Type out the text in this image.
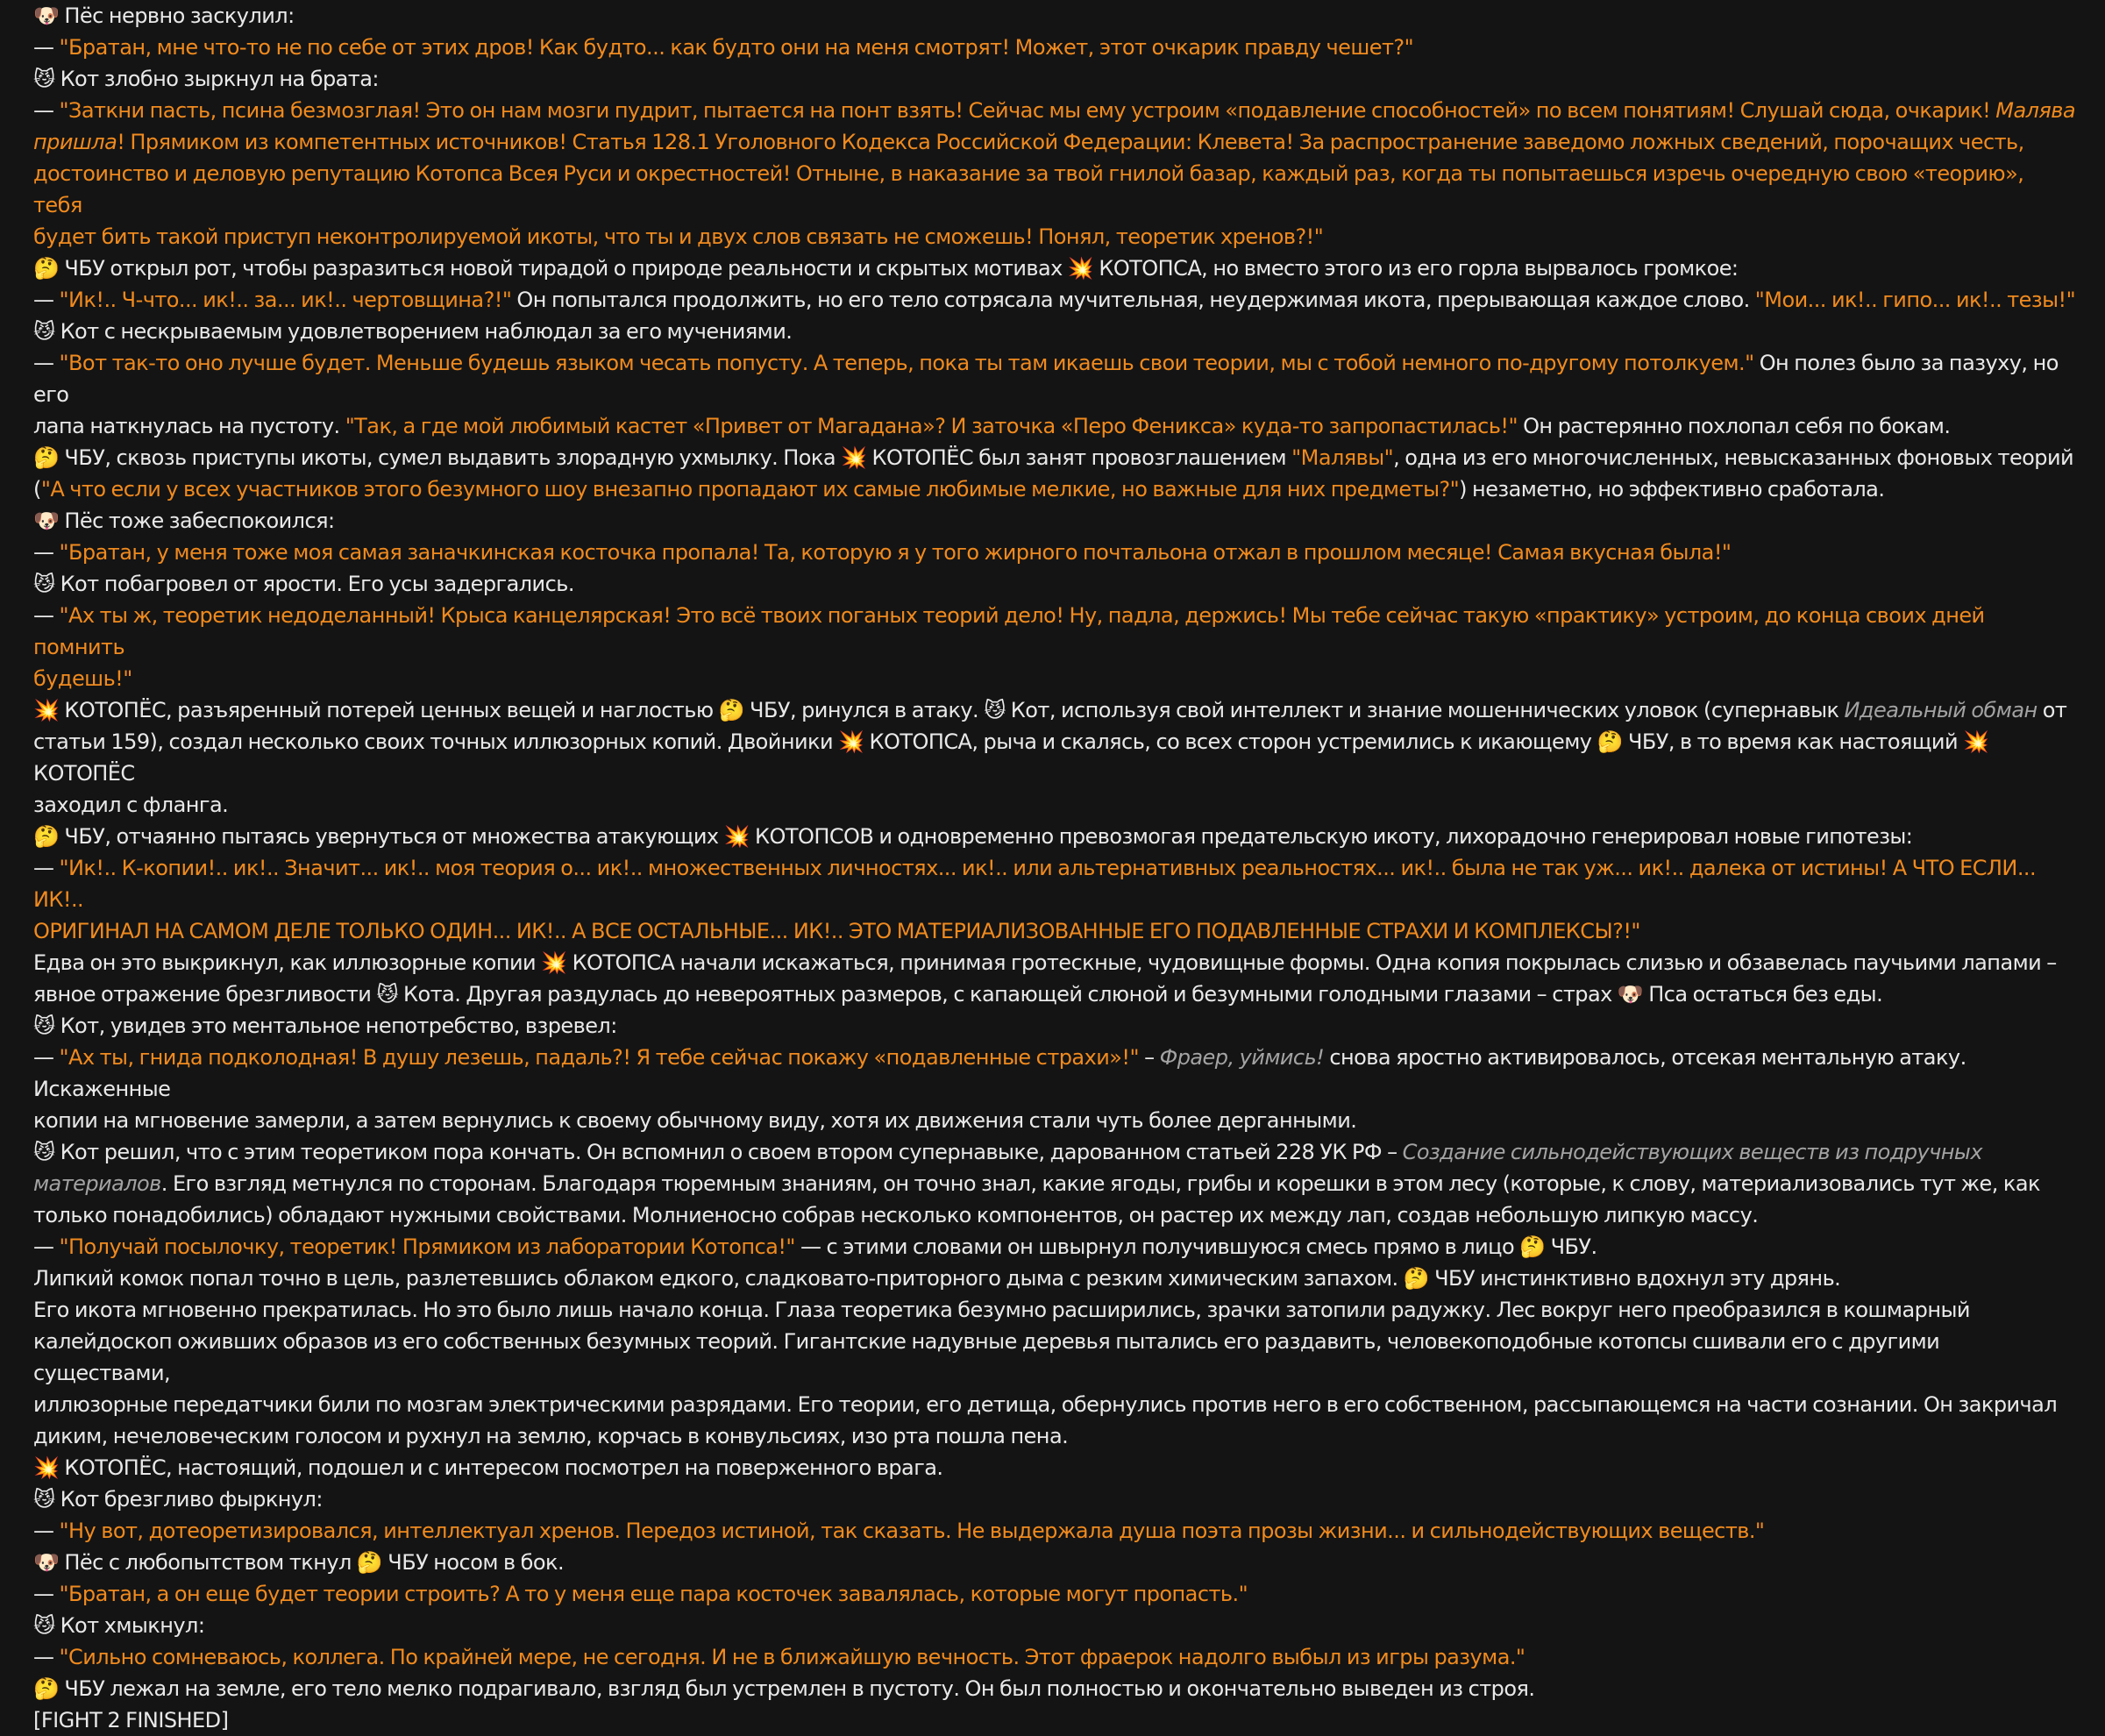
🐶 Пёс нервно заскулил:
— "Братан, мне что-то не по себе от этих дров! Как будто... как будто они на меня смотрят! Может, этот очкарик правду чешет?"
😼 Кот злобно зыркнул на брата:
— "Заткни пасть, псина безмозглая! Это он нам мозги пудрит, пытается на понт взять! Сейчас мы ему устроим «подавление способностей» по всем понятиям! Слушай сюда, очкарик! Малява
пришла! Прямиком из компетентных источников! Статья 128.1 Уголовного Кодекса Российской Федерации: Клевета! За распространение заведомо ложных сведений, порочащих честь,
достоинство и деловую репутацию Котопса Всея Руси и окрестностей! Отныне, в наказание за твой гнилой базар, каждый раз, когда ты попытаешься изречь очередную свою «теорию», тебя
будет бить такой приступ неконтролируемой икоты, что ты и двух слов связать не сможешь! Понял, теоретик хренов?!"
🤔 ЧБУ открыл рот, чтобы разразиться новой тирадой о природе реальности и скрытых мотивах 💥 КОТОПСА, но вместо этого из его горла вырвалось громкое:
— "Ик!.. Ч-что... ик!.. за... ик!.. чертовщина?!" Он попытался продолжить, но его тело сотрясала мучительная, неудержимая икота, прерывающая каждое слово. "Мои... ик!.. гипо... ик!.. тезы!"
😼 Кот с нескрываемым удовлетворением наблюдал за его мучениями.
— "Вот так-то оно лучше будет. Меньше будешь языком чесать попусту. А теперь, пока ты там икаешь свои теории, мы с тобой немного по-другому потолкуем." Он полез было за пазуху, но его
лапа наткнулась на пустоту. "Так, а где мой любимый кастет «Привет от Магадана»? И заточка «Перо Феникса» куда-то запропастилась!" Он растерянно похлопал себя по бокам.
🤔 ЧБУ, сквозь приступы икоты, сумел выдавить злорадную ухмылку. Пока 💥 КОТОПЁС был занят провозглашением "Малявы", одна из его многочисленных, невысказанных фоновых теорий
("А что если у всех участников этого безумного шоу внезапно пропадают их самые любимые мелкие, но важные для них предметы?") незаметно, но эффективно сработала.
🐶 Пёс тоже забеспокоился:
— "Братан, у меня тоже моя самая заначкинская косточка пропала! Та, которую я у того жирного почтальона отжал в прошлом месяце! Самая вкусная была!"
😼 Кот побагровел от ярости. Его усы задергались.
— "Ах ты ж, теоретик недоделанный! Крыса канцелярская! Это всё твоих поганых теорий дело! Ну, падла, держись! Мы тебе сейчас такую «практику» устроим, до конца своих дней помнить
будешь!"
💥 КОТОПЁС, разъяренный потерей ценных вещей и наглостью 🤔 ЧБУ, ринулся в атаку. 😼 Кот, используя свой интеллект и знание мошеннических уловок (супернавык Идеальный обман от
статьи 159), создал несколько своих точных иллюзорных копий. Двойники 💥 КОТОПСА, рыча и скалясь, со всех сторон устремились к икающему 🤔 ЧБУ, в то время как настоящий 💥 КОТОПЁС
заходил с фланга.
🤔 ЧБУ, отчаянно пытаясь увернуться от множества атакующих 💥 КОТОПСОВ и одновременно превозмогая предательскую икоту, лихорадочно генерировал новые гипотезы:
— "Ик!.. К-копии!.. ик!.. Значит... ик!.. моя теория о... ик!.. множественных личностях... ик!.. или альтернативных реальностях... ик!.. была не так уж... ик!.. далека от истины! А ЧТО ЕСЛИ... ИК!..
ОРИГИНАЛ НА САМОМ ДЕЛЕ ТОЛЬКО ОДИН... ИК!.. А ВСЕ ОСТАЛЬНЫЕ... ИК!.. ЭТО МАТЕРИАЛИЗОВАННЫЕ ЕГО ПОДАВЛЕННЫЕ СТРАХИ И КОМПЛЕКСЫ?!"
Едва он это выкрикнул, как иллюзорные копии 💥 КОТОПСА начали искажаться, принимая гротескные, чудовищные формы. Одна копия покрылась слизью и обзавелась паучьими лапами –
явное отражение брезгливости 😼 Кота. Другая раздулась до невероятных размеров, с капающей слюной и безумными голодными глазами – страх 🐶 Пса остаться без еды.
😼 Кот, увидев это ментальное непотребство, взревел:
— "Ах ты, гнида подколодная! В душу лезешь, падаль?! Я тебе сейчас покажу «подавленные страхи»!" – Фраер, уймись! снова яростно активировалось, отсекая ментальную атаку. Искаженные
копии на мгновение замерли, а затем вернулись к своему обычному виду, хотя их движения стали чуть более дерганными.
😼 Кот решил, что с этим теоретиком пора кончать. Он вспомнил о своем втором супернавыке, дарованном статьей 228 УК РФ – Создание сильнодействующих веществ из подручных
материалов. Его взгляд метнулся по сторонам. Благодаря тюремным знаниям, он точно знал, какие ягоды, грибы и корешки в этом лесу (которые, к слову, материализовались тут же, как
только понадобились) обладают нужными свойствами. Молниеносно собрав несколько компонентов, он растер их между лап, создав небольшую липкую массу.
— "Получай посылочку, теоретик! Прямиком из лаборатории Котопса!" — с этими словами он швырнул получившуюся смесь прямо в лицо 🤔 ЧБУ.
Липкий комок попал точно в цель, разлетевшись облаком едкого, сладковато-приторного дыма с резким химическим запахом. 🤔 ЧБУ инстинктивно вдохнул эту дрянь.
Его икота мгновенно прекратилась. Но это было лишь начало конца. Глаза теоретика безумно расширились, зрачки затопили радужку. Лес вокруг него преобразился в кошмарный
калейдоскоп оживших образов из его собственных безумных теорий. Гигантские надувные деревья пытались его раздавить, человекоподобные котопсы сшивали его с другими существами,
иллюзорные передатчики били по мозгам электрическими разрядами. Его теории, его детища, обернулись против него в его собственном, рассыпающемся на части сознании. Он закричал
диким, нечеловеческим голосом и рухнул на землю, корчась в конвульсиях, изо рта пошла пена.
💥 КОТОПЁС, настоящий, подошел и с интересом посмотрел на поверженного врага.
😼 Кот брезгливо фыркнул:
— "Ну вот, дотеоретизировался, интеллектуал хренов. Передоз истиной, так сказать. Не выдержала душа поэта прозы жизни... и сильнодействующих веществ."
🐶 Пёс с любопытством ткнул 🤔 ЧБУ носом в бок.
— "Братан, а он еще будет теории строить? А то у меня еще пара косточек завалялась, которые могут пропасть."
😼 Кот хмыкнул:
— "Сильно сомневаюсь, коллега. По крайней мере, не сегодня. И не в ближайшую вечность. Этот фраерок надолго выбыл из игры разума."
🤔 ЧБУ лежал на земле, его тело мелко подрагивало, взгляд был устремлен в пустоту. Он был полностью и окончательно выведен из строя.
[FIGHT 2 FINISHED]
